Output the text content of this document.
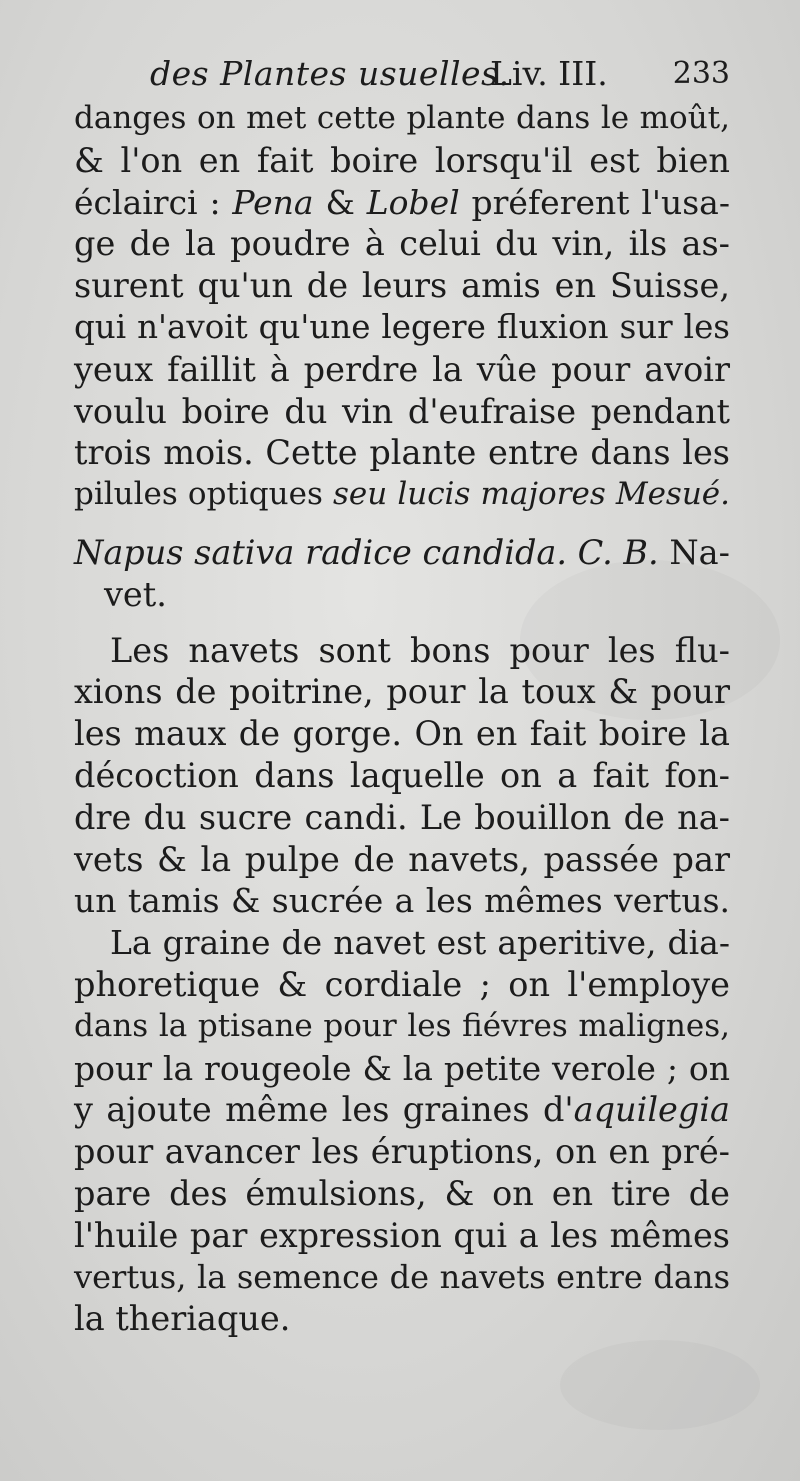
des Plantes usuelles.
Liv. III. 233
danges on met cette plante dans le moût,
& l'on en fait boire lorsqu'il est bien
éclairci : Pena & Lobel préferent l'usa-
ge de la poudre à celui du vin, ils as-
surent qu'un de leurs amis en Suisse,
qui n'avoit qu'une legere fluxion sur les
yeux faillit à perdre la vûe pour avoir
voulu boire du vin d'eufraise pendant
trois mois. Cette plante entre dans les
pilules optiques seu lucis majores Mesué.
Napus sativa radice candida. C. B. Na-
vet.
Les navets sont bons pour les flu-
xions de poitrine, pour la toux & pour
les maux de gorge. On en fait boire la
décoction dans laquelle on a fait fon-
dre du sucre candi. Le bouillon de na-
vets & la pulpe de navets, passée par
un tamis & sucrée a les mêmes vertus.
La graine de navet est aperitive, dia-
phoretique & cordiale ; on l'employe
dans la ptisane pour les fiévres malignes,
pour la rougeole & la petite verole ; on
y ajoute même les graines d'aquilegia
pour avancer les éruptions, on en pré-
pare des émulsions, & on en tire de
l'huile par expression qui a les mêmes
vertus, la semence de navets entre dans
la theriaque.
